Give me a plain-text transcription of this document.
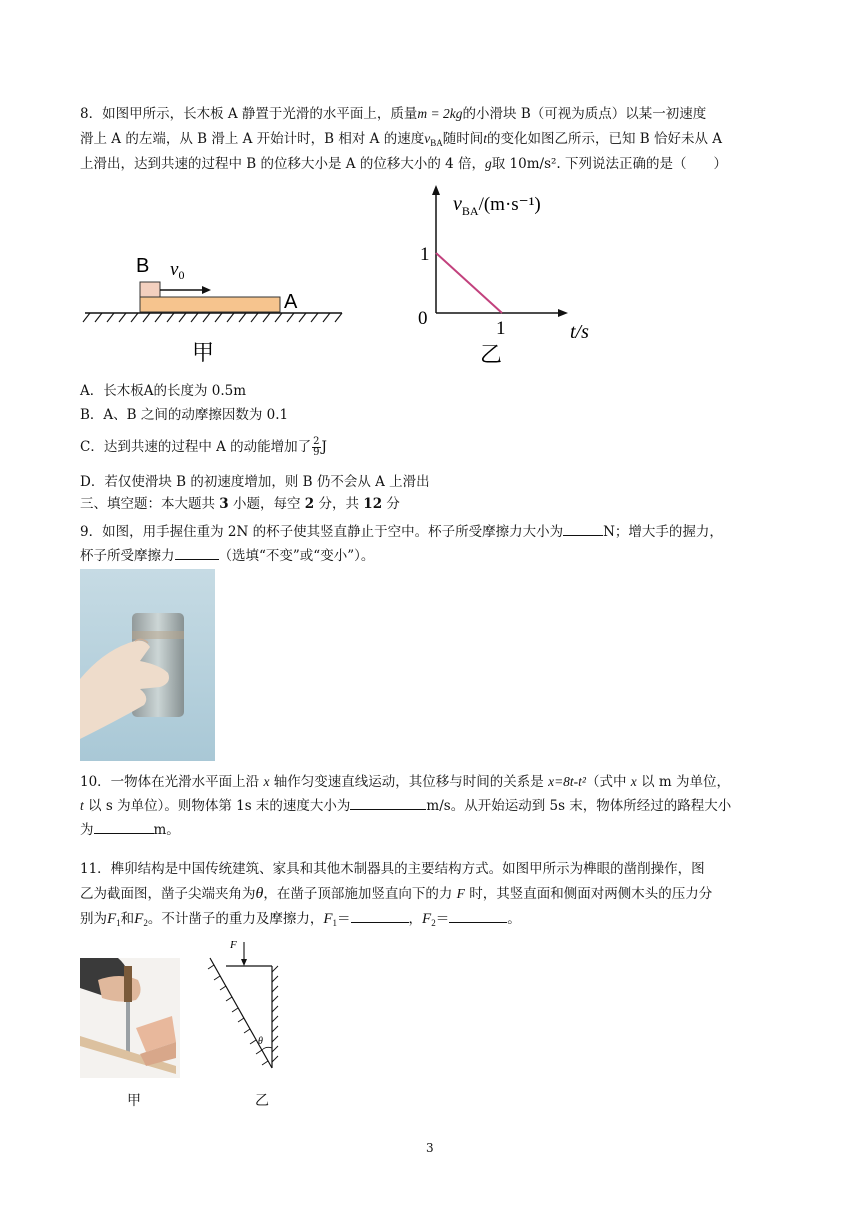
8．如图甲所示，长木板 A 静置于光滑的水平面上，质量m = 2kg的小滑块 B（可视为质点）以某一初速度
滑上 A 的左端，从 B 滑上 A 开始计时，B 相对 A 的速度$v_{BA}$随时间t的变化如图乙所示，已知 B 恰好未从 A
上滑出，达到共速的过程中 B 的位移大小是 A 的位移大小的 4 倍，g取 10m/s². 下列说法正确的是（　　）
B $v_0$
A
甲
$v_{BA}/(m\cdot s^{-1})$
1
0	1	t/s
乙
A．长木板A的长度为 0.5m
B．A、B 之间的动摩擦因数为 0.1
C．达到共速的过程中 A 的动能增加了 $\frac{2}{9}$ J
D．若仅使滑块 B 的初速度增加，则 B 仍不会从 A 上滑出
三、填空题：本大题共 3 小题，每空 2 分，共 12 分
9．如图，用手握住重为 2N 的杯子使其竖直静止于空中。杯子所受摩擦力大小为	N；增大手的握力，
杯子所受摩擦力	（选填“不变”或“变小”）。
10．一物体在光滑水平面上沿 x 轴作匀变速直线运动，其位移与时间的关系是 x=8t-t²（式中 x 以 m 为单位，
t 以 s 为单位）。则物体第 1s 末的速度大小为	m/s。从开始运动到 5s 末，物体所经过的路程大小
为	m。
11．榫卯结构是中国传统建筑、家具和其他木制器具的主要结构方式。如图甲所示为榫眼的凿削操作，图
乙为截面图，凿子尖端夹角为θ，在凿子顶部施加竖直向下的力 F 时，其竖直面和侧面对两侧木头的压力分
别为$F_1$和$F_2$。不计凿子的重力及摩擦力，$F_1=$	，$F_2=$	。
F
θ
甲	乙
3
